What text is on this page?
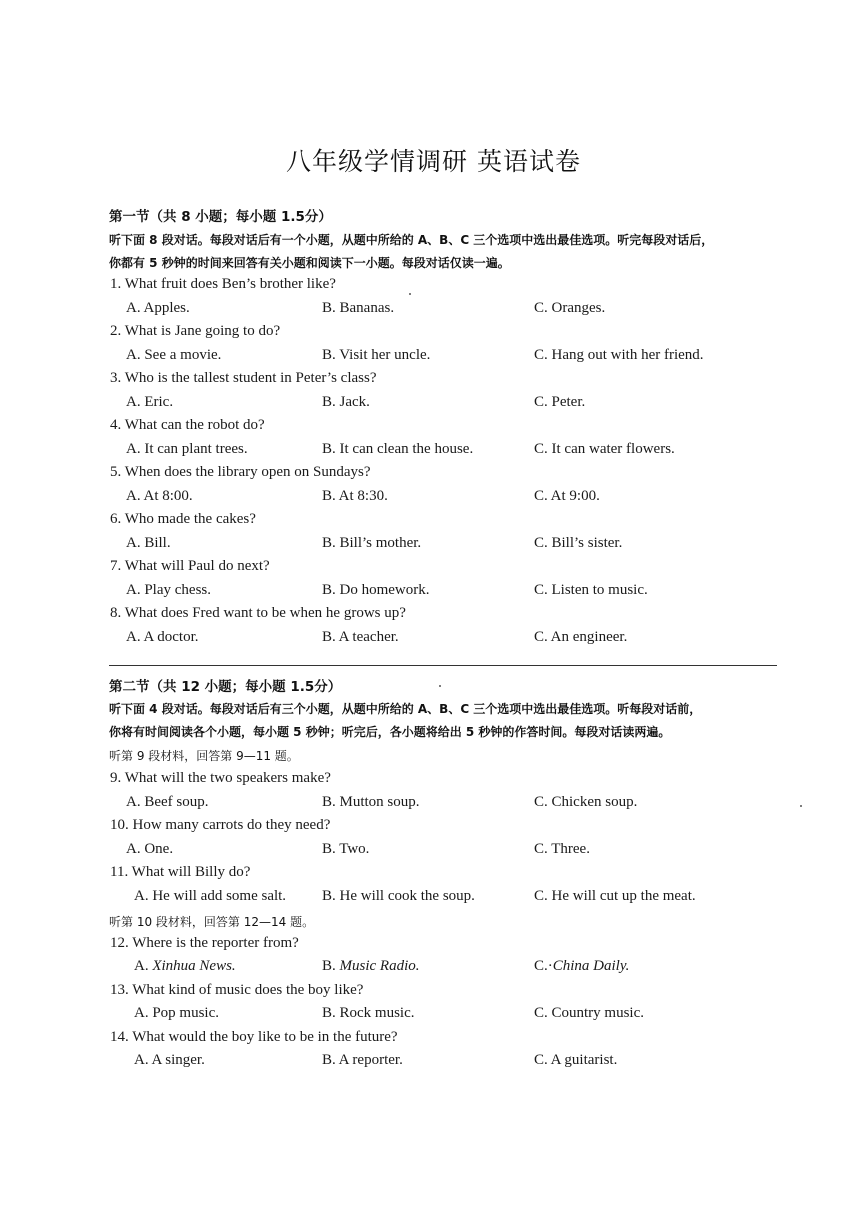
八年级学情调研 英语试卷
第一节（共 8 小题；每小题 1.5分）
听下面 8 段对话。每段对话后有一个小题，从题中所给的 A、B、C 三个选项中选出最佳选项。听完每段对话后，
你都有 5 秒钟的时间来回答有关小题和阅读下一小题。每段对话仅读一遍。
1. What fruit does Ben’s brother like?
A. Apples.	B. Bananas.	C. Oranges.
2. What is Jane going to do?
A. See a movie.	B. Visit her uncle.	C. Hang out with her friend.
3. Who is the tallest student in Peter’s class?
A. Eric.	B. Jack.	C. Peter.
4. What can the robot do?
A. It can plant trees.	B. It can clean the house.	C. It can water flowers.
5. When does the library open on Sundays?
A. At 8:00.	B. At 8:30.	C. At 9:00.
6. Who made the cakes?
A. Bill.	B. Bill’s mother.	C. Bill’s sister.
7. What will Paul do next?
A. Play chess.	B. Do homework.	C. Listen to music.
8. What does Fred want to be when he grows up?
A. A doctor.	B. A teacher.	C. An engineer.
第二节（共 12 小题；每小题 1.5分）
听下面 4 段对话。每段对话后有三个小题，从题中所给的 A、B、C 三个选项中选出最佳选项。听每段对话前，
你将有时间阅读各个小题，每小题 5 秒钟；听完后，各小题将给出 5 秒钟的作答时间。每段对话读两遍。
听第 9 段材料，回答第 9—11 题。
9. What will the two speakers make?
A. Beef soup.	B. Mutton soup.	C. Chicken soup.
10. How many carrots do they need?
A. One.	B. Two.	C. Three.
11. What will Billy do?
A. He will add some salt. B. He will cook the soup.	C. He will cut up the meat.
听第 10 段材料，回答第 12—14 题。
12. Where is the reporter from?
A. Xinhua News.	B. Music Radio.	C.·China Daily.
13. What kind of music does the boy like?
A. Pop music.	B. Rock music.	C. Country music.
14. What would the boy like to be in the future?
A. A singer.	B. A reporter.	C. A guitarist.
